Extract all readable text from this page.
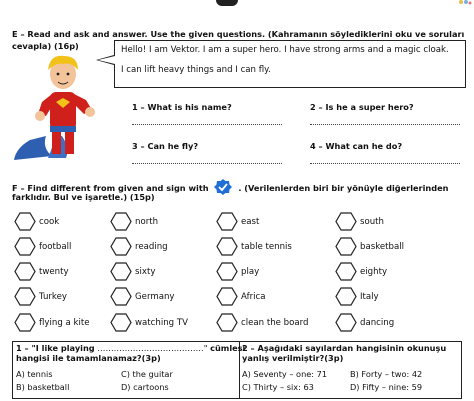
E – Read and ask and answer. Use the given questions. (Kahramanın söylediklerini oku ve soruları
cevapla) (16p)	Hello! I am Vektor. I am a super hero. I have strong arms and a magic cloak.
I can lift heavy things and I can fly.
1 – What is his name?	2 – Is he a super hero?
3 – Can he fly?	4 – What can he do?
F – Find different from given and sign with	. (Verilenlerden biri bir yönüyle diğerlerinden
farklıdır. Bul ve işaretle.) (15p)
cook	north	east	south
football	reading	table tennis	basketball
twenty	sixty	play	eighty
Turkey	Germany	Africa	Italy
flying a kite	watching TV	clean the board	dancing
1 – "I like playing …………………………………" cümlesi
hangisi ile tamamlanamaz?(3p)
A) tennis	C) the guitar
B) basketball	D) cartoons
2 – Aşağıdaki sayılardan hangisinin okunuşu
yanlış verilmiştir?(3p)
A) Seventy – one: 71	B) Forty – two: 42
C) Thirty – six: 63	D) Fifty – nine: 59
